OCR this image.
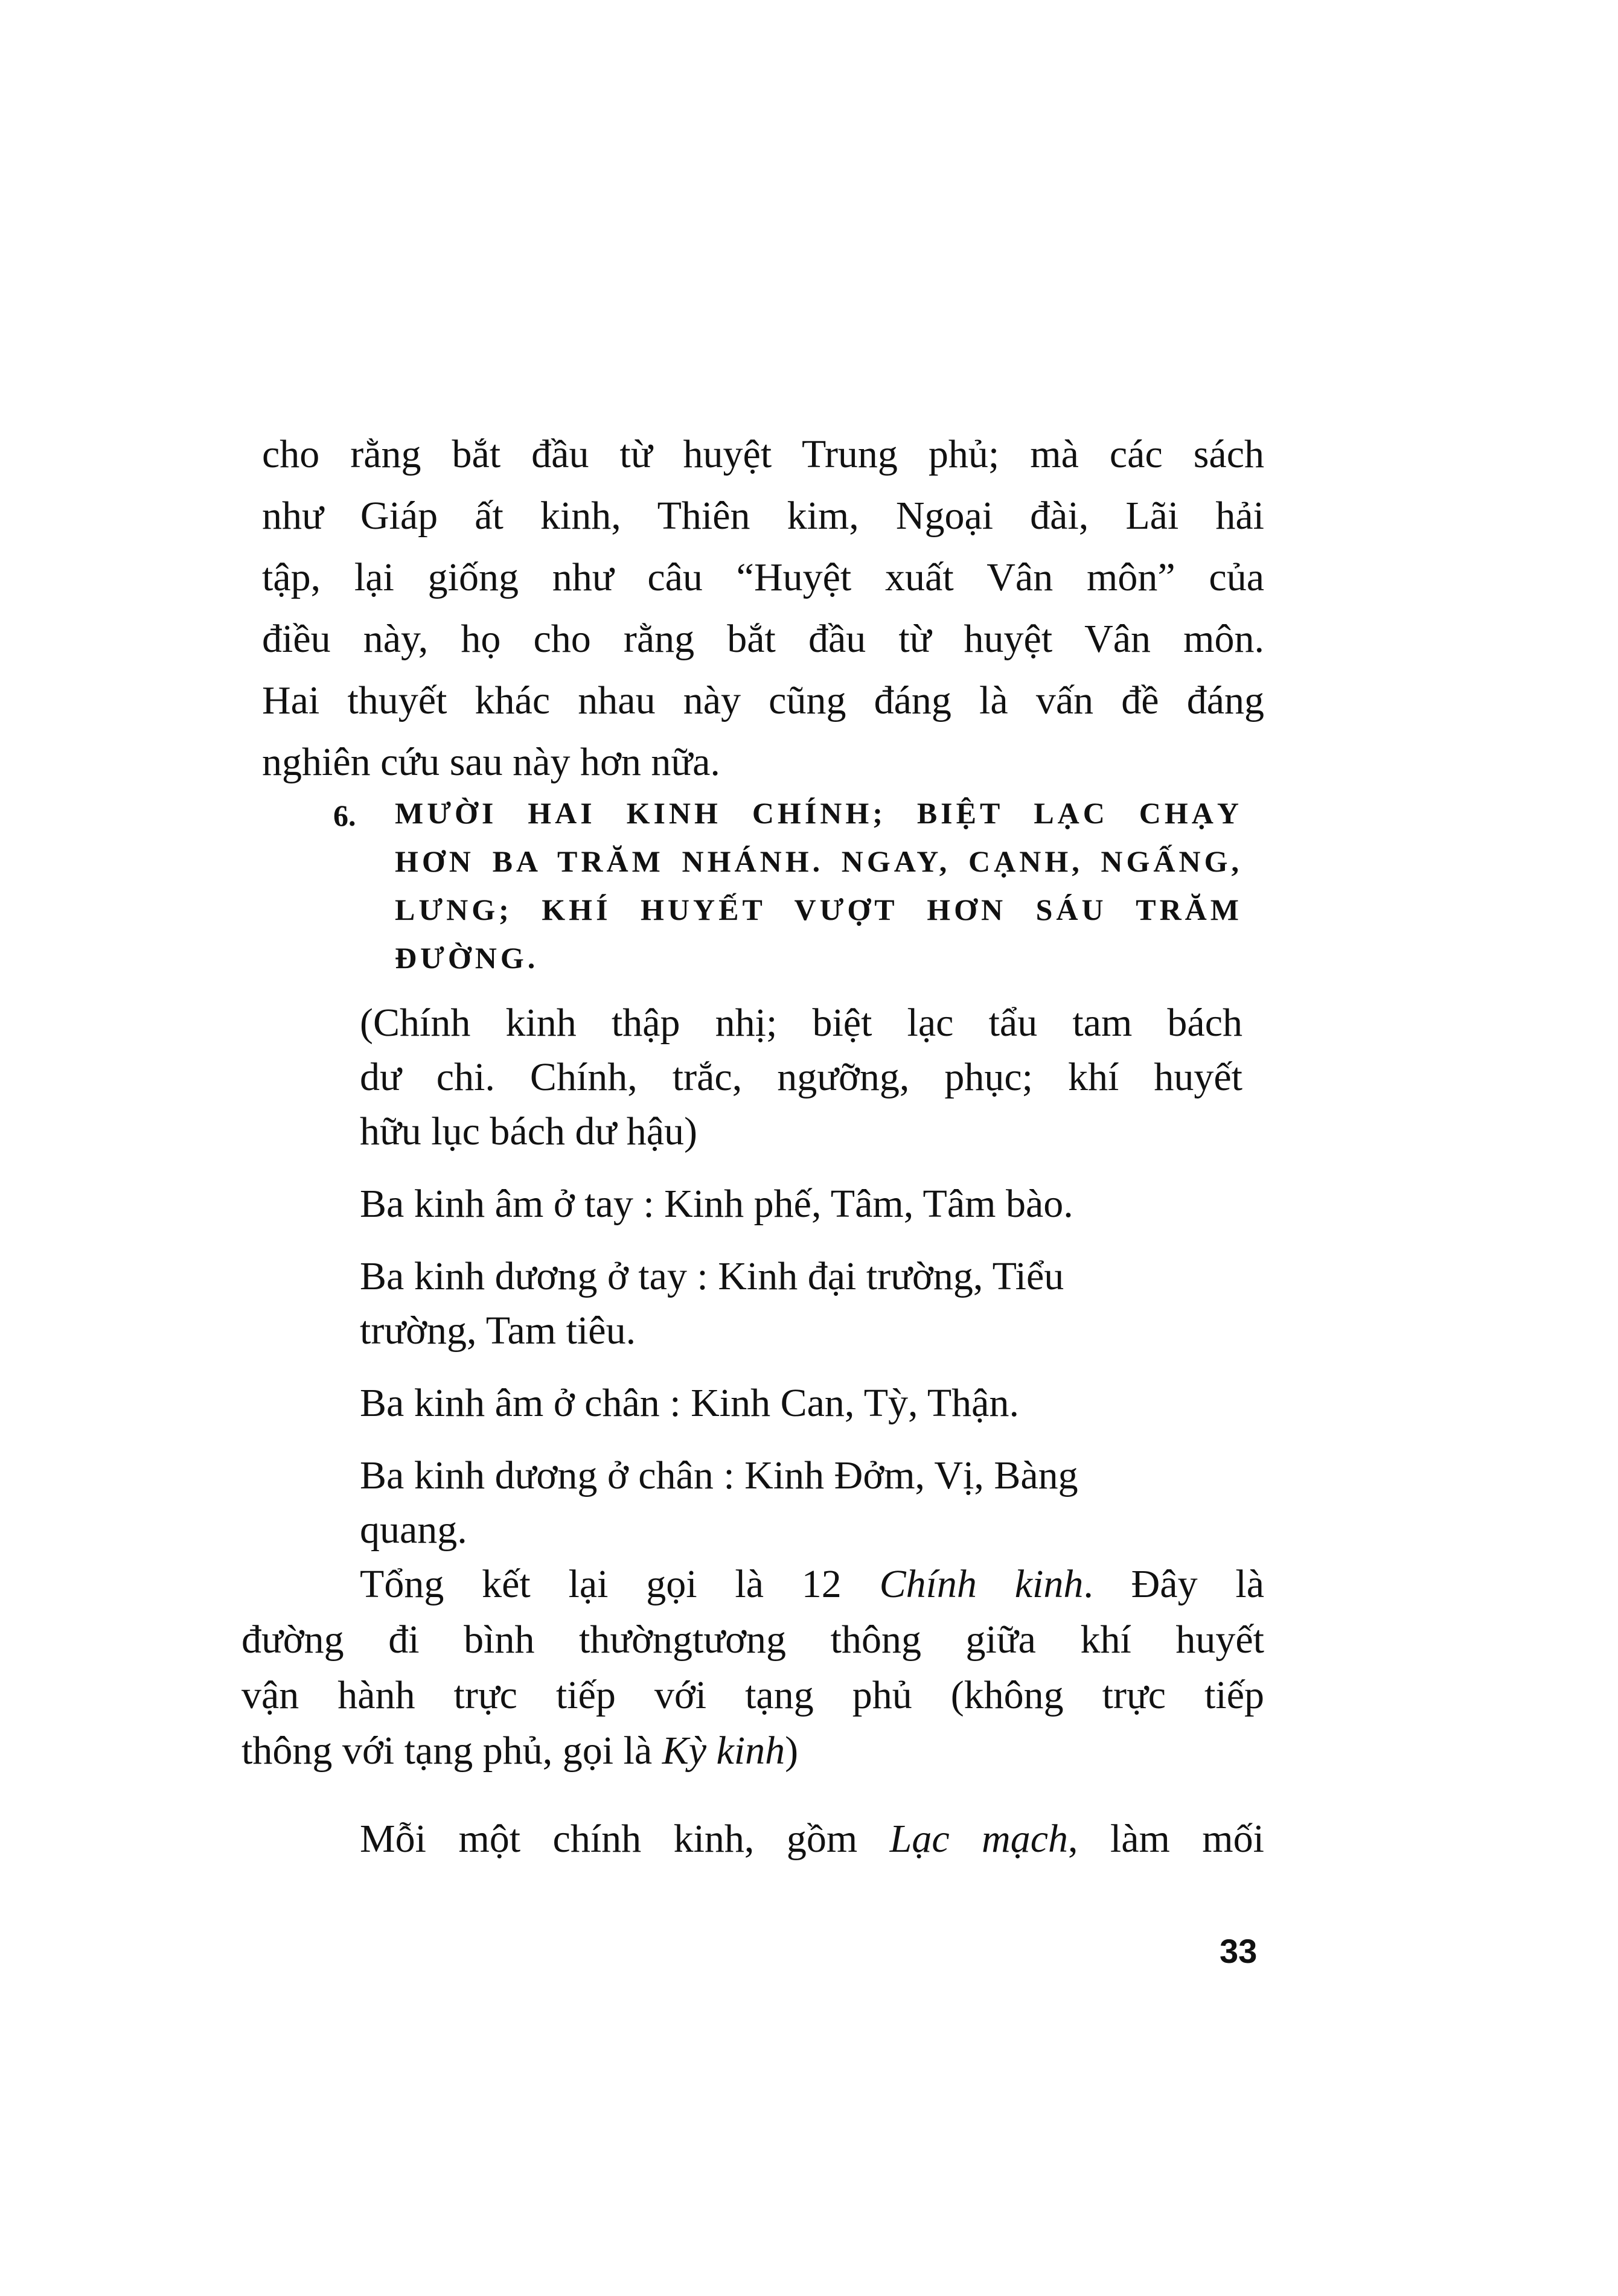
cho rằng bắt đầu từ huyệt Trung phủ; mà các sách
như Giáp ất kinh, Thiên kim, Ngoại đài, Lãi hải
tập, lại giống như câu “Huyệt xuất Vân môn” của
điều này, họ cho rằng bắt đầu từ huyệt Vân môn.
Hai thuyết khác nhau này cũng đáng là vấn đề đáng
nghiên cứu sau này hơn nữa.
6. MƯỜI HAI KINH CHÍNH; BIỆT LẠC CHẠY
HƠN BA TRĂM NHÁNH. NGAY, CẠNH, NGẤNG,
LƯNG; KHÍ HUYẾT VƯỢT HƠN SÁU TRĂM
ĐƯỜNG.
(Chính kinh thập nhị; biệt lạc tẩu tam bách
dư chi. Chính, trắc, ngưỡng, phục; khí huyết
hữu lục bách dư hậu)
Ba kinh âm ở tay : Kinh phế, Tâm, Tâm bào.
Ba kinh dương ở tay : Kinh đại trường, Tiểu
trường, Tam tiêu.
Ba kinh âm ở chân : Kinh Can, Tỳ, Thận.
Ba kinh dương ở chân : Kinh Đởm, Vị, Bàng
quang.
Tổng kết lại gọi là 12 Chính kinh. Đây là
đường đi bình thườngtương thông giữa khí huyết
vận hành trực tiếp với tạng phủ (không trực tiếp
thông với tạng phủ, gọi là Kỳ kinh)
Mỗi một chính kinh, gồm Lạc mạch, làm mối
33
